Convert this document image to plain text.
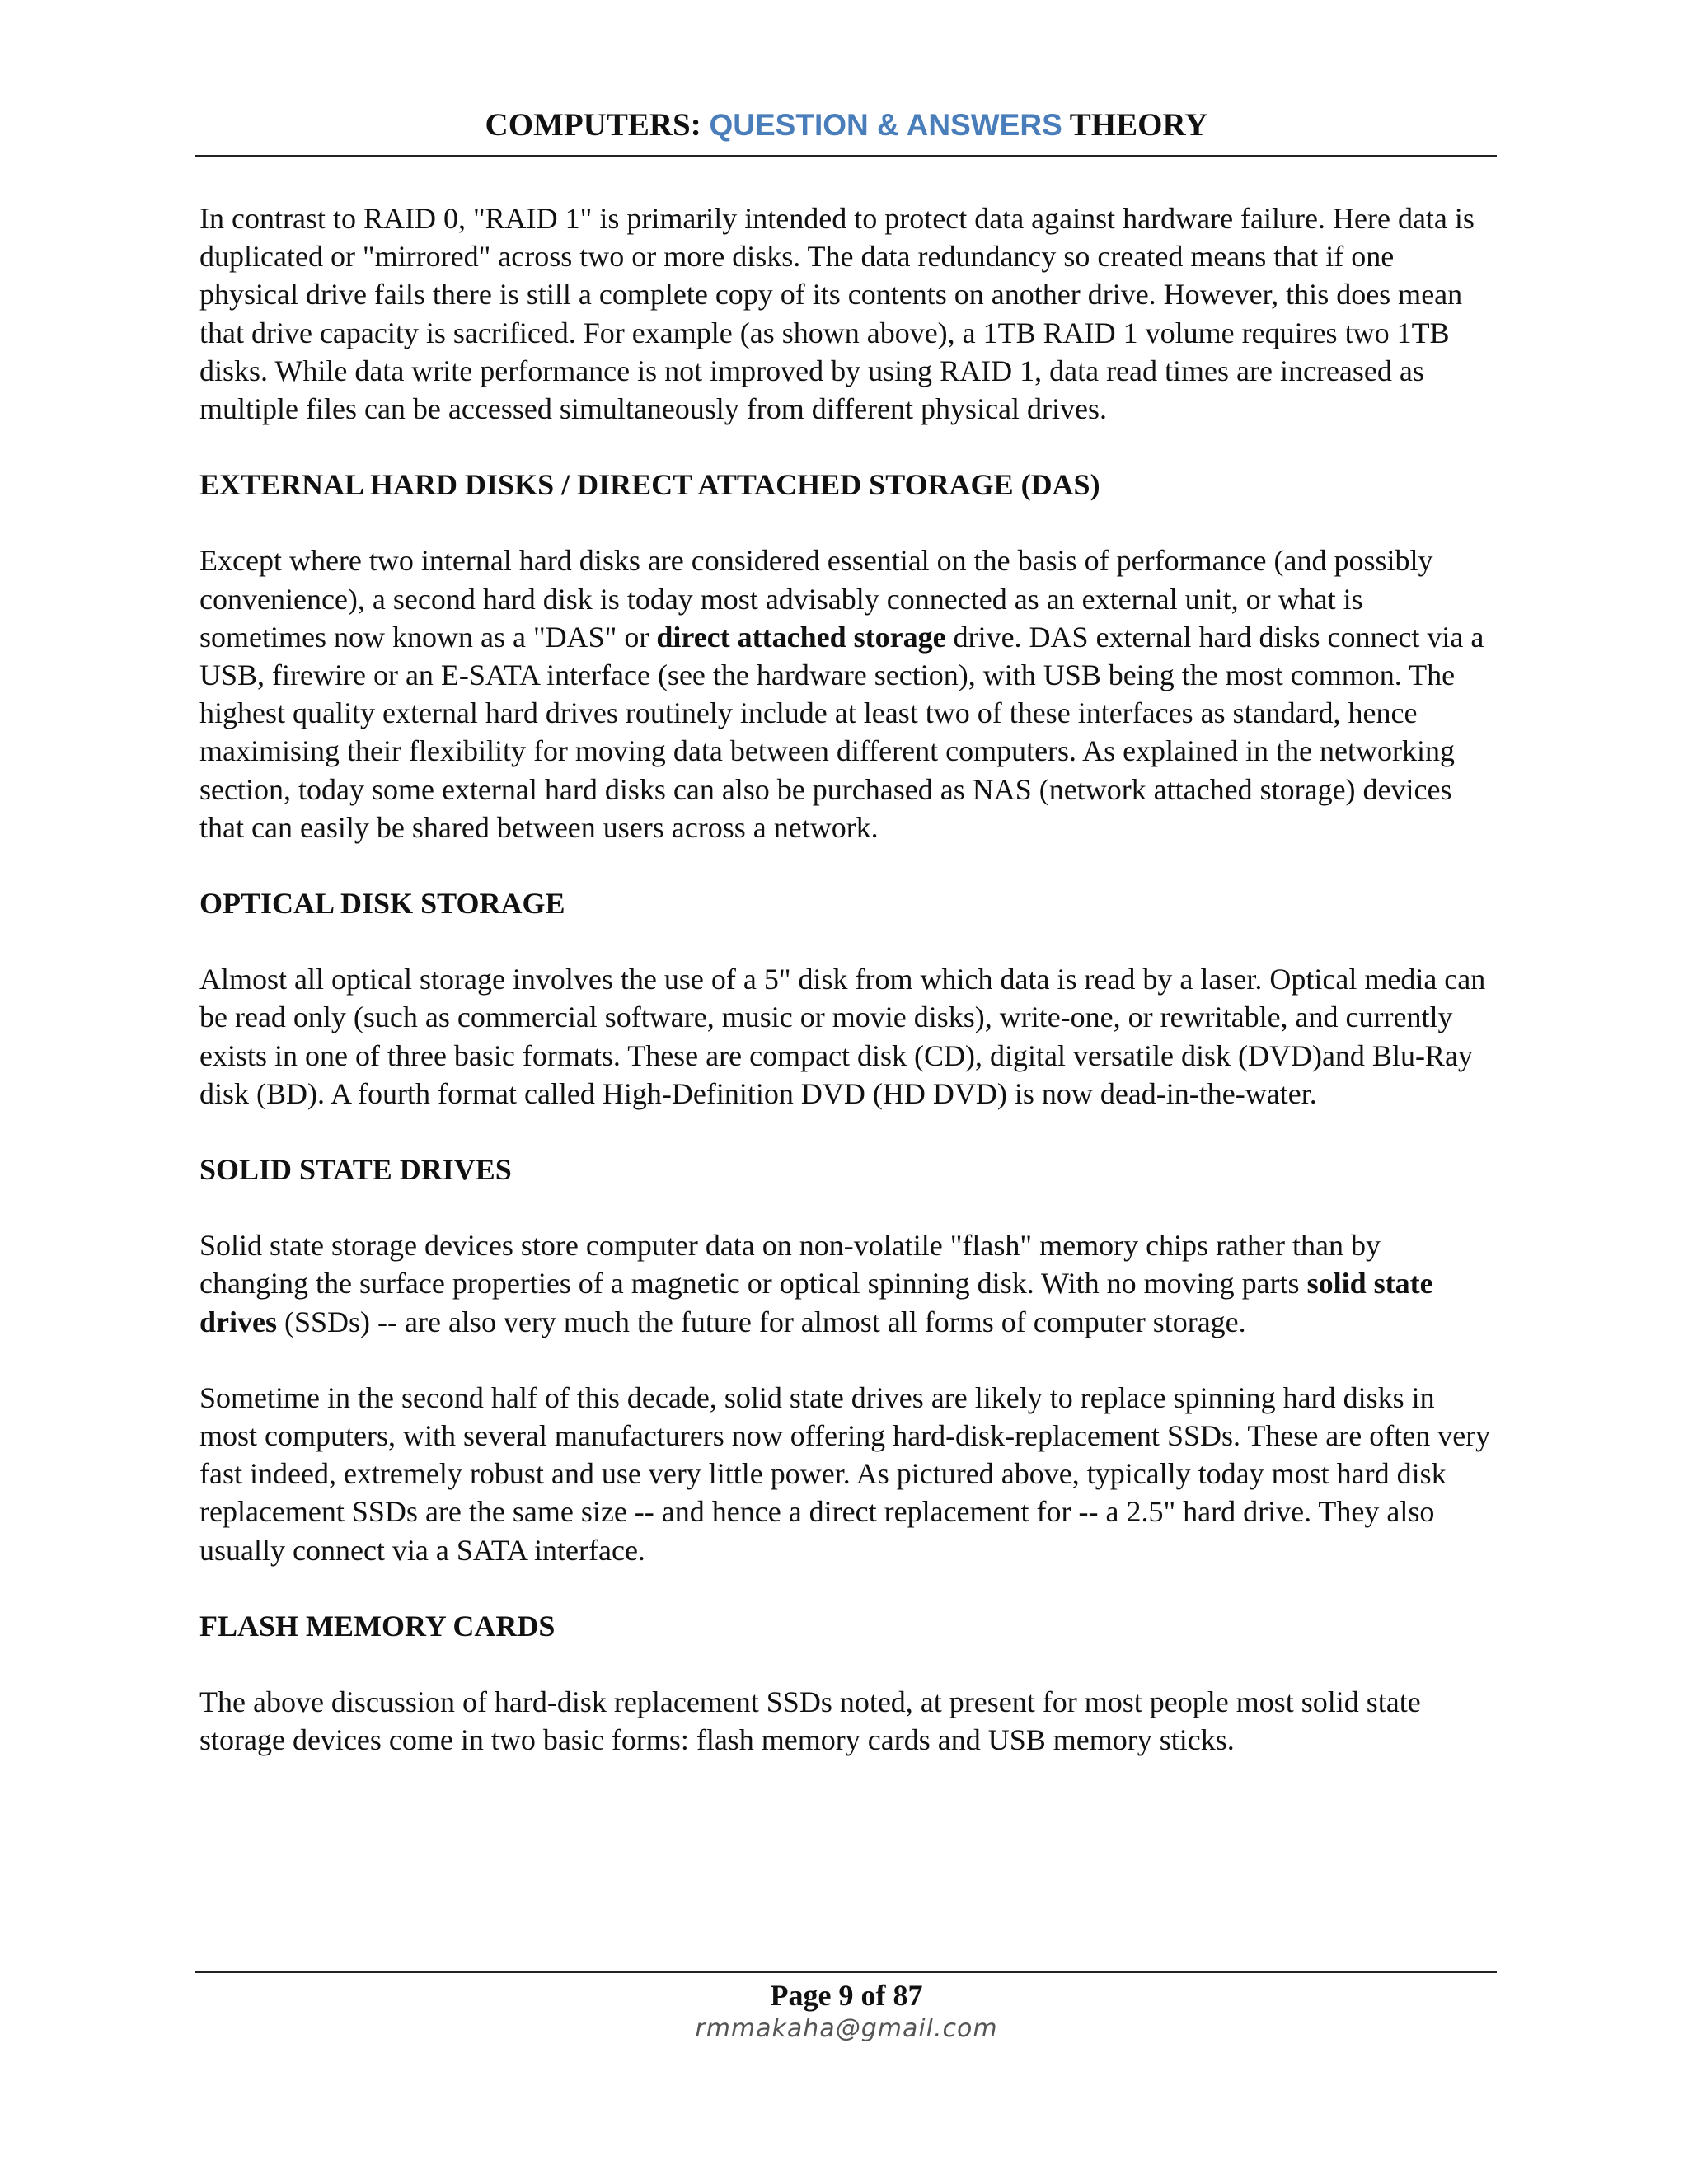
COMPUTERS: QUESTION & ANSWERS THEORY

In contrast to RAID 0, "RAID 1" is primarily intended to protect data against hardware failure. Here data is duplicated or "mirrored" across two or more disks. The data redundancy so created means that if one physical drive fails there is still a complete copy of its contents on another drive. However, this does mean that drive capacity is sacrificed. For example (as shown above), a 1TB RAID 1 volume requires two 1TB disks. While data write performance is not improved by using RAID 1, data read times are increased as multiple files can be accessed simultaneously from different physical drives.

EXTERNAL HARD DISKS / DIRECT ATTACHED STORAGE (DAS)

Except where two internal hard disks are considered essential on the basis of performance (and possibly convenience), a second hard disk is today most advisably connected as an external unit, or what is sometimes now known as a "DAS" or direct attached storage drive. DAS external hard disks connect via a USB, firewire or an E-SATA interface (see the hardware section), with USB being the most common. The highest quality external hard drives routinely include at least two of these interfaces as standard, hence maximising their flexibility for moving data between different computers. As explained in the networking section, today some external hard disks can also be purchased as NAS (network attached storage) devices that can easily be shared between users across a network.

OPTICAL DISK STORAGE

Almost all optical storage involves the use of a 5" disk from which data is read by a laser. Optical media can be read only (such as commercial software, music or movie disks), write-one, or rewritable, and currently exists in one of three basic formats. These are compact disk (CD), digital versatile disk (DVD)and Blu-Ray disk (BD). A fourth format called High-Definition DVD (HD DVD) is now dead-in-the-water.

SOLID STATE DRIVES

Solid state storage devices store computer data on non-volatile "flash" memory chips rather than by changing the surface properties of a magnetic or optical spinning disk. With no moving parts solid state drives (SSDs) -- are also very much the future for almost all forms of computer storage.

Sometime in the second half of this decade, solid state drives are likely to replace spinning hard disks in most computers, with several manufacturers now offering hard-disk-replacement SSDs. These are often very fast indeed, extremely robust and use very little power. As pictured above, typically today most hard disk replacement SSDs are the same size -- and hence a direct replacement for -- a 2.5" hard drive. They also usually connect via a SATA interface.

FLASH MEMORY CARDS

The above discussion of hard-disk replacement SSDs noted, at present for most people most solid state storage devices come in two basic forms: flash memory cards and USB memory sticks.

Page 9 of 87
rmmakaha@gmail.com
